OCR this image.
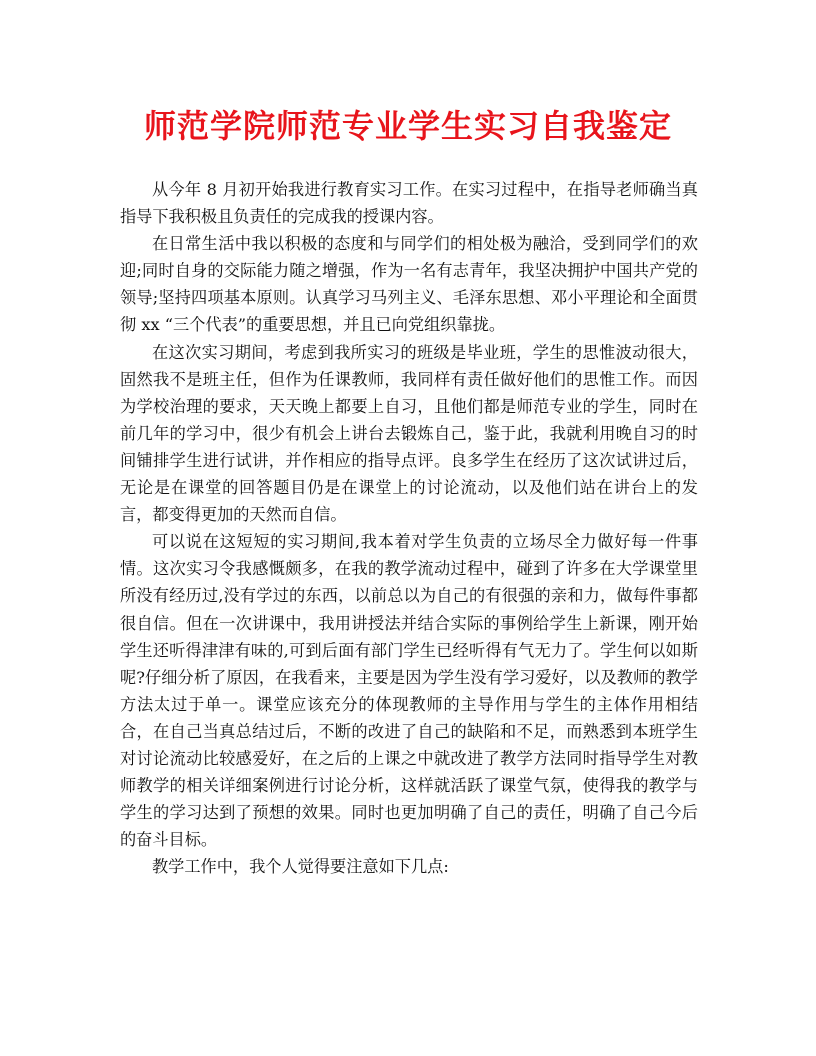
师范学院师范专业学生实习自我鉴定

从今年 8 月初开始我进行教育实习工作。在实习过程中，在指导老师确当真指导下我积极且负责任的完成我的授课内容。

在日常生活中我以积极的态度和与同学们的相处极为融洽，受到同学们的欢迎;同时自身的交际能力随之增强，作为一名有志青年，我坚决拥护中国共产党的领导;坚持四项基本原则。认真学习马列主义、毛泽东思想、邓小平理论和全面贯彻 xx “三个代表”的重要思想，并且已向党组织靠拢。

在这次实习期间，考虑到我所实习的班级是毕业班，学生的思惟波动很大，固然我不是班主任，但作为任课教师，我同样有责任做好他们的思惟工作。而因为学校治理的要求，天天晚上都要上自习，且他们都是师范专业的学生，同时在前几年的学习中，很少有机会上讲台去锻炼自己，鉴于此，我就利用晚自习的时间铺排学生进行试讲，并作相应的指导点评。良多学生在经历了这次试讲过后，无论是在课堂的回答题目仍是在课堂上的讨论流动，以及他们站在讲台上的发言，都变得更加的天然而自信。

可以说在这短短的实习期间,我本着对学生负责的立场尽全力做好每一件事情。这次实习令我感慨颇多，在我的教学流动过程中，碰到了许多在大学课堂里所没有经历过,没有学过的东西，以前总以为自己的有很强的亲和力，做每件事都很自信。但在一次讲课中，我用讲授法并结合实际的事例给学生上新课，刚开始学生还听得津津有味的,可到后面有部门学生已经听得有气无力了。学生何以如斯呢?仔细分析了原因，在我看来，主要是因为学生没有学习爱好，以及教师的教学方法太过于单一。课堂应该充分的体现教师的主导作用与学生的主体作用相结合，在自己当真总结过后，不断的改进了自己的缺陷和不足，而熟悉到本班学生对讨论流动比较感爱好，在之后的上课之中就改进了教学方法同时指导学生对教师教学的相关详细案例进行讨论分析，这样就活跃了课堂气氛，使得我的教学与学生的学习达到了预想的效果。同时也更加明确了自己的责任，明确了自己今后的奋斗目标。

教学工作中，我个人觉得要注意如下几点:
